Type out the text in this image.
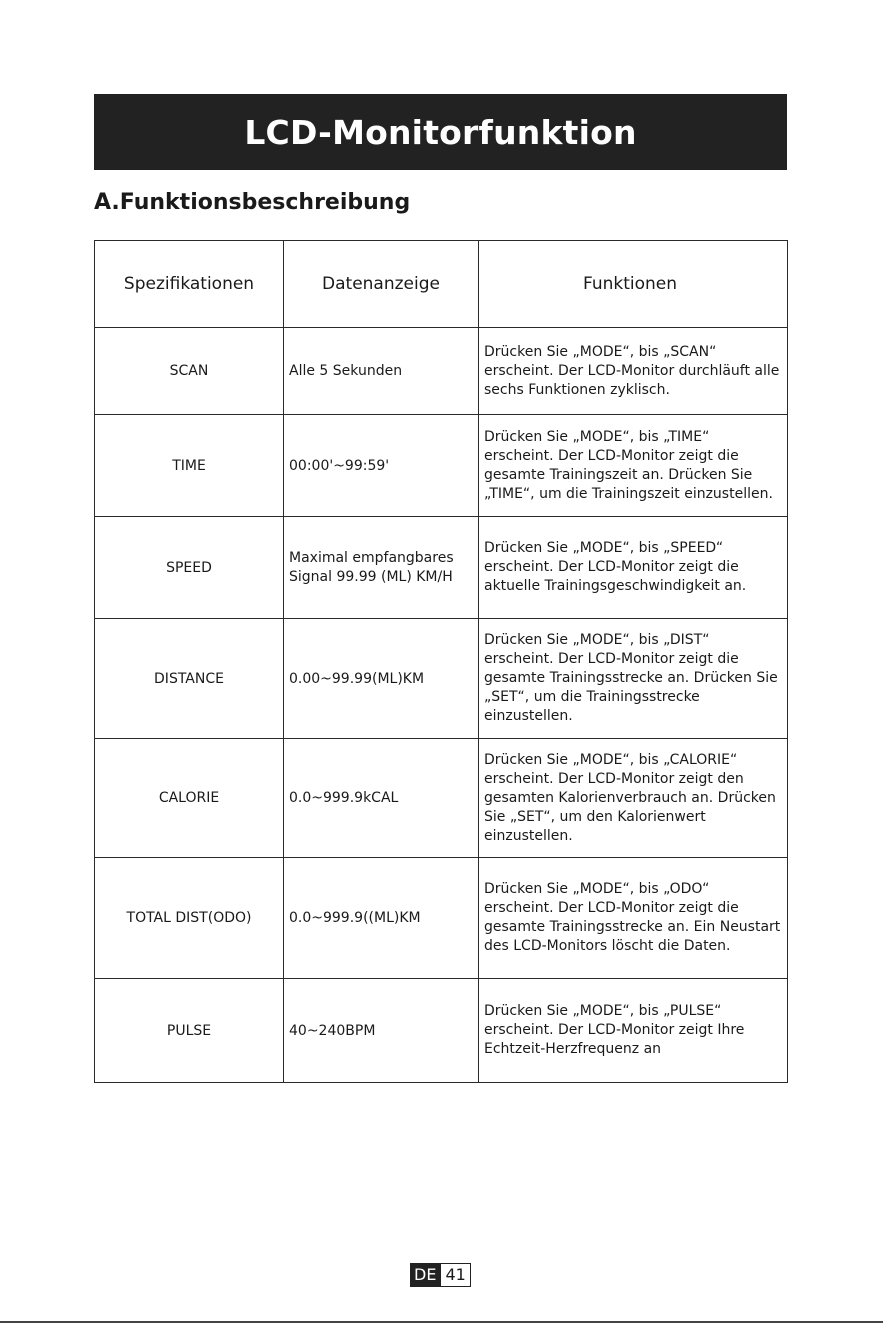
LCD-Monitorfunktion
A.Funktionsbeschreibung
Spezifikationen	Datenanzeige	Funktionen
SCAN	Alle 5 Sekunden	Drücken Sie „MODE“, bis „SCAN“ erscheint. Der LCD-Monitor durchläuft alle sechs Funktionen zyklisch.
TIME	00:00'~99:59'	Drücken Sie „MODE“, bis „TIME“ erscheint. Der LCD-Monitor zeigt die gesamte Trainingszeit an. Drücken Sie „TIME“, um die Trainingszeit einzustellen.
SPEED	Maximal empfangbares Signal 99.99 (ML) KM/H	Drücken Sie „MODE“, bis „SPEED“ erscheint. Der LCD-Monitor zeigt die aktuelle Trainingsgeschwindigkeit an.
DISTANCE	0.00~99.99(ML)KM	Drücken Sie „MODE“, bis „DIST“ erscheint. Der LCD-Monitor zeigt die gesamte Trainingsstrecke an. Drücken Sie „SET“, um die Trainingsstrecke einzustellen.
CALORIE	0.0~999.9kCAL	Drücken Sie „MODE“, bis „CALORIE“ erscheint. Der LCD-Monitor zeigt den gesamten Kalorienverbrauch an. Drücken Sie „SET“, um den Kalorienwert einzustellen.
TOTAL DIST(ODO)	0.0~999.9((ML)KM	Drücken Sie „MODE“, bis „ODO“ erscheint. Der LCD-Monitor zeigt die gesamte Trainingsstrecke an. Ein Neustart des LCD-Monitors löscht die Daten.
PULSE	40~240BPM	Drücken Sie „MODE“, bis „PULSE“ erscheint. Der LCD-Monitor zeigt Ihre Echtzeit-Herzfrequenz an
DE 41
